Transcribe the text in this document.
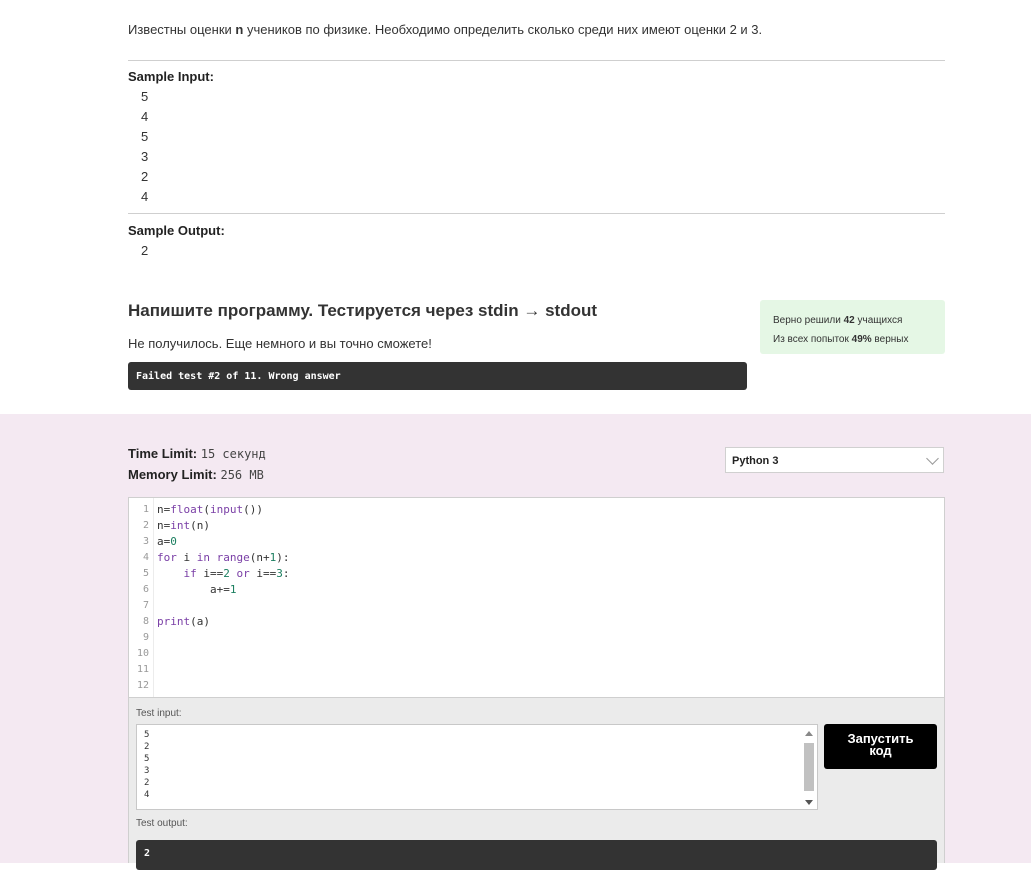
Известны оценки n учеников по физике. Необходимо определить сколько среди них имеют оценки 2 и 3.
Sample Input:
5
4
5
3
2
4
Sample Output:
2
Напишите программу. Тестируется через stdin → stdout
Не получилось. Еще немного и вы точно сможете!
Failed test #2 of 11. Wrong answer
Верно решили 42 учащихся
Из всех попыток 49% верных
Time Limit: 15 секунд
Memory Limit: 256 MB
Python 3
1
2
3
4
5
6
7
8
9
10
11
12
n=float(input())
n=int(n)
a=0
for i in range(n+1):
if i==2 or i==3:
a+=1
print(a)
Test input:
5
2
5
3
2
4
Запустить код
Test output:
2
